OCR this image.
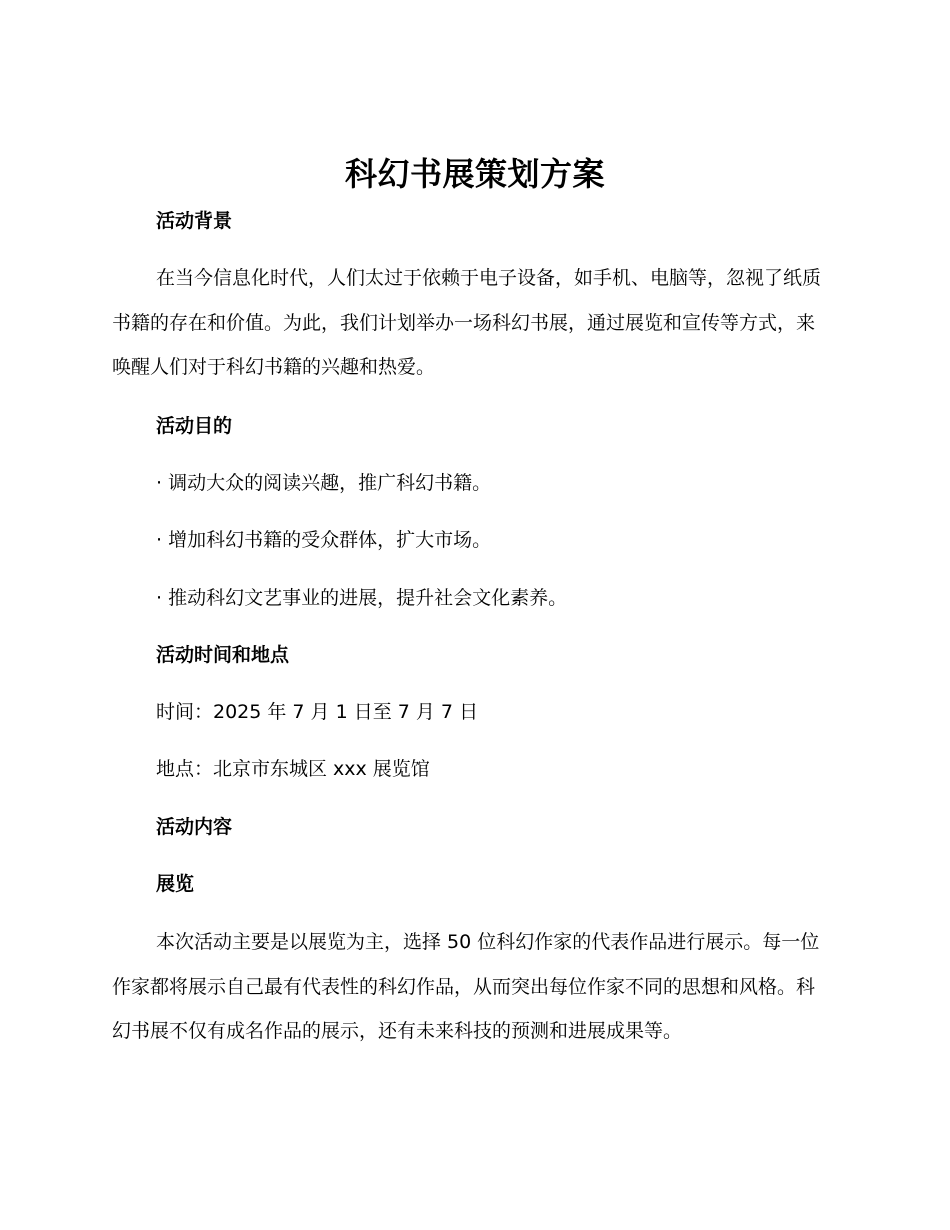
科幻书展策划方案
活动背景
在当今信息化时代，人们太过于依赖于电子设备，如手机、电脑等，忽视了纸质书籍的存在和价值。为此，我们计划举办一场科幻书展，通过展览和宣传等方式，来唤醒人们对于科幻书籍的兴趣和热爱。
活动目的
· 调动大众的阅读兴趣，推广科幻书籍。
· 增加科幻书籍的受众群体，扩大市场。
· 推动科幻文艺事业的进展，提升社会文化素养。
活动时间和地点
时间：2025 年 7 月 1 日至 7 月 7 日
地点：北京市东城区 xxx 展览馆
活动内容
展览
本次活动主要是以展览为主，选择 50 位科幻作家的代表作品进行展示。每一位作家都将展示自己最有代表性的科幻作品，从而突出每位作家不同的思想和风格。科幻书展不仅有成名作品的展示，还有未来科技的预测和进展成果等。
